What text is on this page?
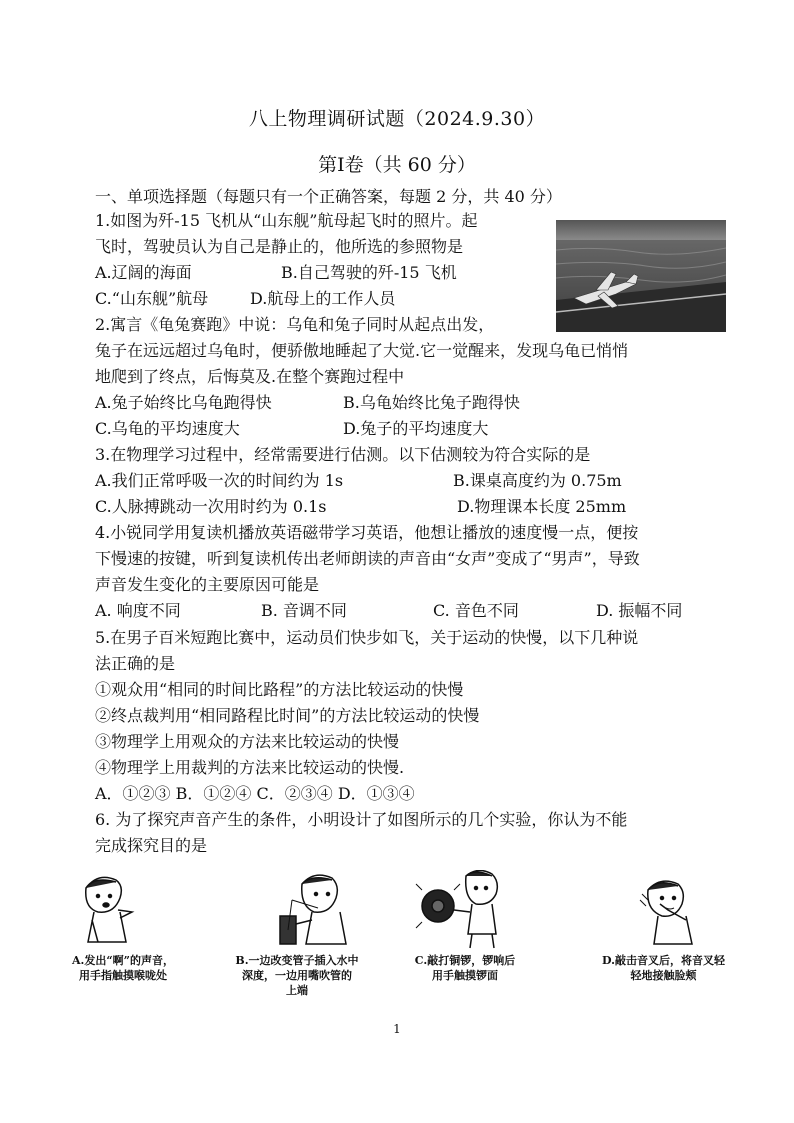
八上物理调研试题（2024.9.30）
第Ⅰ卷（共 60 分）
一、单项选择题（每题只有一个正确答案，每题 2 分，共 40 分）
1.如图为歼-15 飞机从“山东舰”航母起飞时的照片。起
飞时，驾驶员认为自己是静止的，他所选的参照物是
A.辽阔的海面	B.自己驾驶的歼-15 飞机
C.“山东舰”航母	D.航母上的工作人员
2.寓言《龟兔赛跑》中说：乌龟和兔子同时从起点出发，
兔子在远远超过乌龟时，便骄傲地睡起了大觉.它一觉醒来，发现乌龟已悄悄
地爬到了终点，后悔莫及.在整个赛跑过程中
A.兔子始终比乌龟跑得快	B.乌龟始终比兔子跑得快
C.乌龟的平均速度大	D.兔子的平均速度大
3.在物理学习过程中，经常需要进行估测。以下估测较为符合实际的是
A.我们正常呼吸一次的时间约为 1s	B.课桌高度约为 0.75m
C.人脉搏跳动一次用时约为 0.1s	D.物理课本长度 25mm
4.小锐同学用复读机播放英语磁带学习英语，他想让播放的速度慢一点，便按
下慢速的按键，听到复读机传出老师朗读的声音由“女声”变成了“男声”，导致
声音发生变化的主要原因可能是
A. 响度不同	B. 音调不同	C. 音色不同	D. 振幅不同
5.在男子百米短跑比赛中，运动员们快步如飞，关于运动的快慢，以下几种说
法正确的是
①观众用“相同的时间比路程”的方法比较运动的快慢
②终点裁判用“相同路程比时间”的方法比较运动的快慢
③物理学上用观众的方法来比较运动的快慢
④物理学上用裁判的方法来比较运动的快慢.
A．①②③ B．①②④ C．②③④ D．①③④
6. 为了探究声音产生的条件，小明设计了如图所示的几个实验，你认为不能
完成探究目的是
A.发出“啊”的声音，
用手指触摸喉咙处
B.一边改变管子插入水中
深度，一边用嘴吹管的
上端
C.敲打铜锣，锣响后
用手触摸锣面
D.敲击音叉后，将音叉轻
轻地接触脸颊
1
